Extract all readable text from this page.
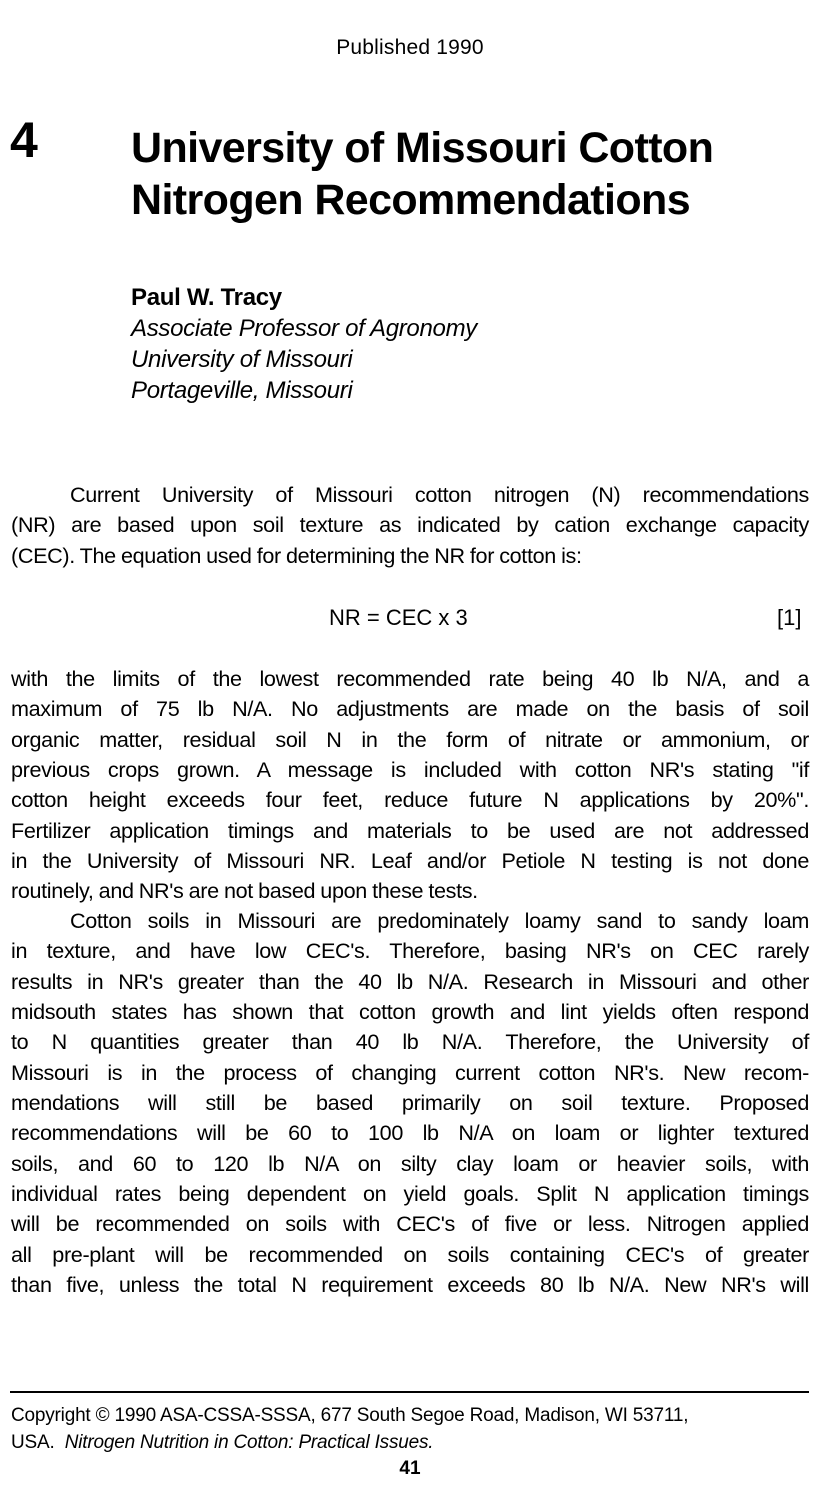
Published 1990
4 University of Missouri Cotton
Nitrogen Recommendations
Paul W. Tracy
Associate Professor of Agronomy
University of Missouri
Portageville, Missouri
Current University of Missouri cotton nitrogen (N) recommendations
(NR) are based upon soil texture as indicated by cation exchange capacity
(CEC). The equation used for determining the NR for cotton is:
NR = CEC x 3	[1]
with the limits of the lowest recommended rate being 40 lb N/A, and a
maximum of 75 lb N/A. No adjustments are made on the basis of soil
organic matter, residual soil N in the form of nitrate or ammonium, or
previous crops grown. A message is included with cotton NR's stating "if
cotton height exceeds four feet, reduce future N applications by 20%".
Fertilizer application timings and materials to be used are not addressed
in the University of Missouri NR. Leaf and/or Petiole N testing is not done
routinely, and NR's are not based upon these tests.
Cotton soils in Missouri are predominately loamy sand to sandy loam
in texture, and have low CEC's. Therefore, basing NR's on CEC rarely
results in NR's greater than the 40 lb N/A. Research in Missouri and other
midsouth states has shown that cotton growth and lint yields often respond
to N quantities greater than 40 lb N/A. Therefore, the University of
Missouri is in the process of changing current cotton NR's. New recom-
mendations will still be based primarily on soil texture. Proposed
recommendations will be 60 to 100 lb N/A on loam or lighter textured
soils, and 60 to 120 lb N/A on silty clay loam or heavier soils, with
individual rates being dependent on yield goals. Split N application timings
will be recommended on soils with CEC's of five or less. Nitrogen applied
all pre-plant will be recommended on soils containing CEC's of greater
than five, unless the total N requirement exceeds 80 lb N/A. New NR's will
Copyright © 1990 ASA-CSSA-SSSA, 677 South Segoe Road, Madison, WI 53711,
USA. Nitrogen Nutrition in Cotton: Practical Issues.
41
